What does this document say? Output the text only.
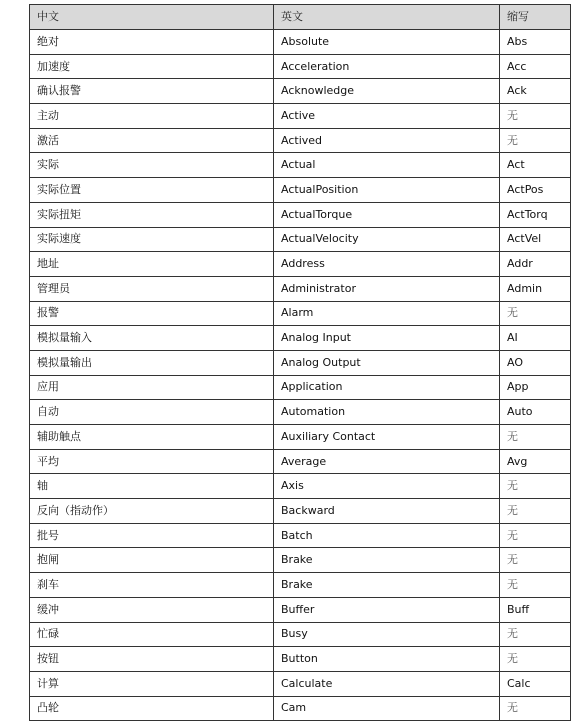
中文	英文	缩写
绝对	Absolute	Abs
加速度	Acceleration	Acc
确认报警	Acknowledge	Ack
主动	Active	无
激活	Actived	无
实际	Actual	Act
实际位置	ActualPosition	ActPos
实际扭矩	ActualTorque	ActTorq
实际速度	ActualVelocity	ActVel
地址	Address	Addr
管理员	Administrator	Admin
报警	Alarm	无
模拟量输入	Analog Input	AI
模拟量输出	Analog Output	AO
应用	Application	App
自动	Automation	Auto
辅助触点	Auxiliary Contact	无
平均	Average	Avg
轴	Axis	无
反向（指动作）	Backward	无
批号	Batch	无
抱闸	Brake	无
刹车	Brake	无
缓冲	Buffer	Buff
忙碌	Busy	无
按钮	Button	无
计算	Calculate	Calc
凸轮	Cam	无
